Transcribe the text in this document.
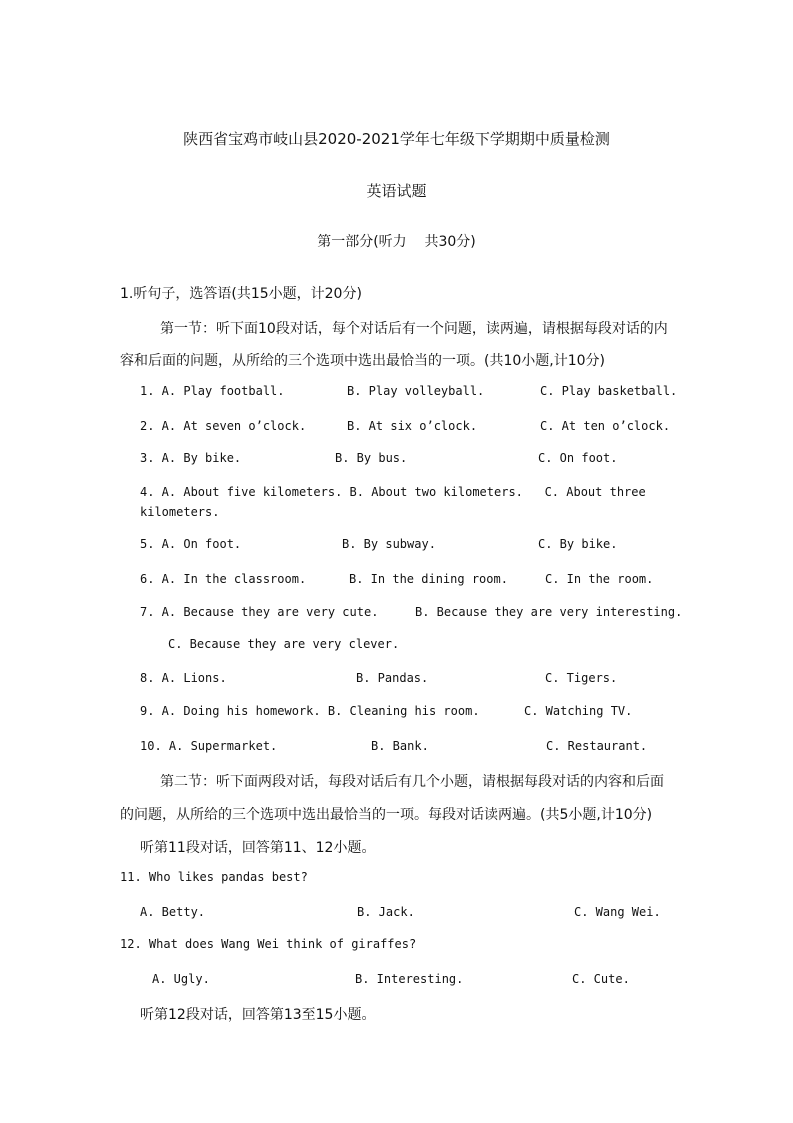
陕西省宝鸡市岐山县2020-2021学年七年级下学期期中质量检测
英语试题
第一部分(听力    共30分)
1.听句子，选答语(共15小题，计20分)
第一节：听下面10段对话，每个对话后有一个问题，读两遍，请根据每段对话的内
容和后面的问题，从所给的三个选项中选出最恰当的一项。(共10小题,计10分)
1. A. Play football.	B. Play volleyball.	C. Play basketball.
2. A. At seven o’clock.	B. At six o’clock.	C. At ten o’clock.
3. A. By bike.	B. By bus.	C. On foot.
4. A. About five kilometers. B. About two kilometers.   C. About three
kilometers.
5. A. On foot.	B. By subway.	C. By bike.
6. A. In the classroom.	B. In the dining room.	C. In the room.
7. A. Because they are very cute.	B. Because they are very interesting.
C. Because they are very clever.
8. A. Lions.	B. Pandas.	C. Tigers.
9. A. Doing his homework. B. Cleaning his room.	C. Watching TV.
10. A. Supermarket.	B. Bank.	C. Restaurant.
第二节：听下面两段对话，每段对话后有几个小题，请根据每段对话的内容和后面
的问题，从所给的三个选项中选出最恰当的一项。每段对话读两遍。(共5小题,计10分)
听第11段对话，回答第11、12小题。
11. Who likes pandas best?
A. Betty.	B. Jack.	C. Wang Wei.
12. What does Wang Wei think of giraffes?
A. Ugly.	B. Interesting.	C. Cute.
听第12段对话，回答第13至15小题。
